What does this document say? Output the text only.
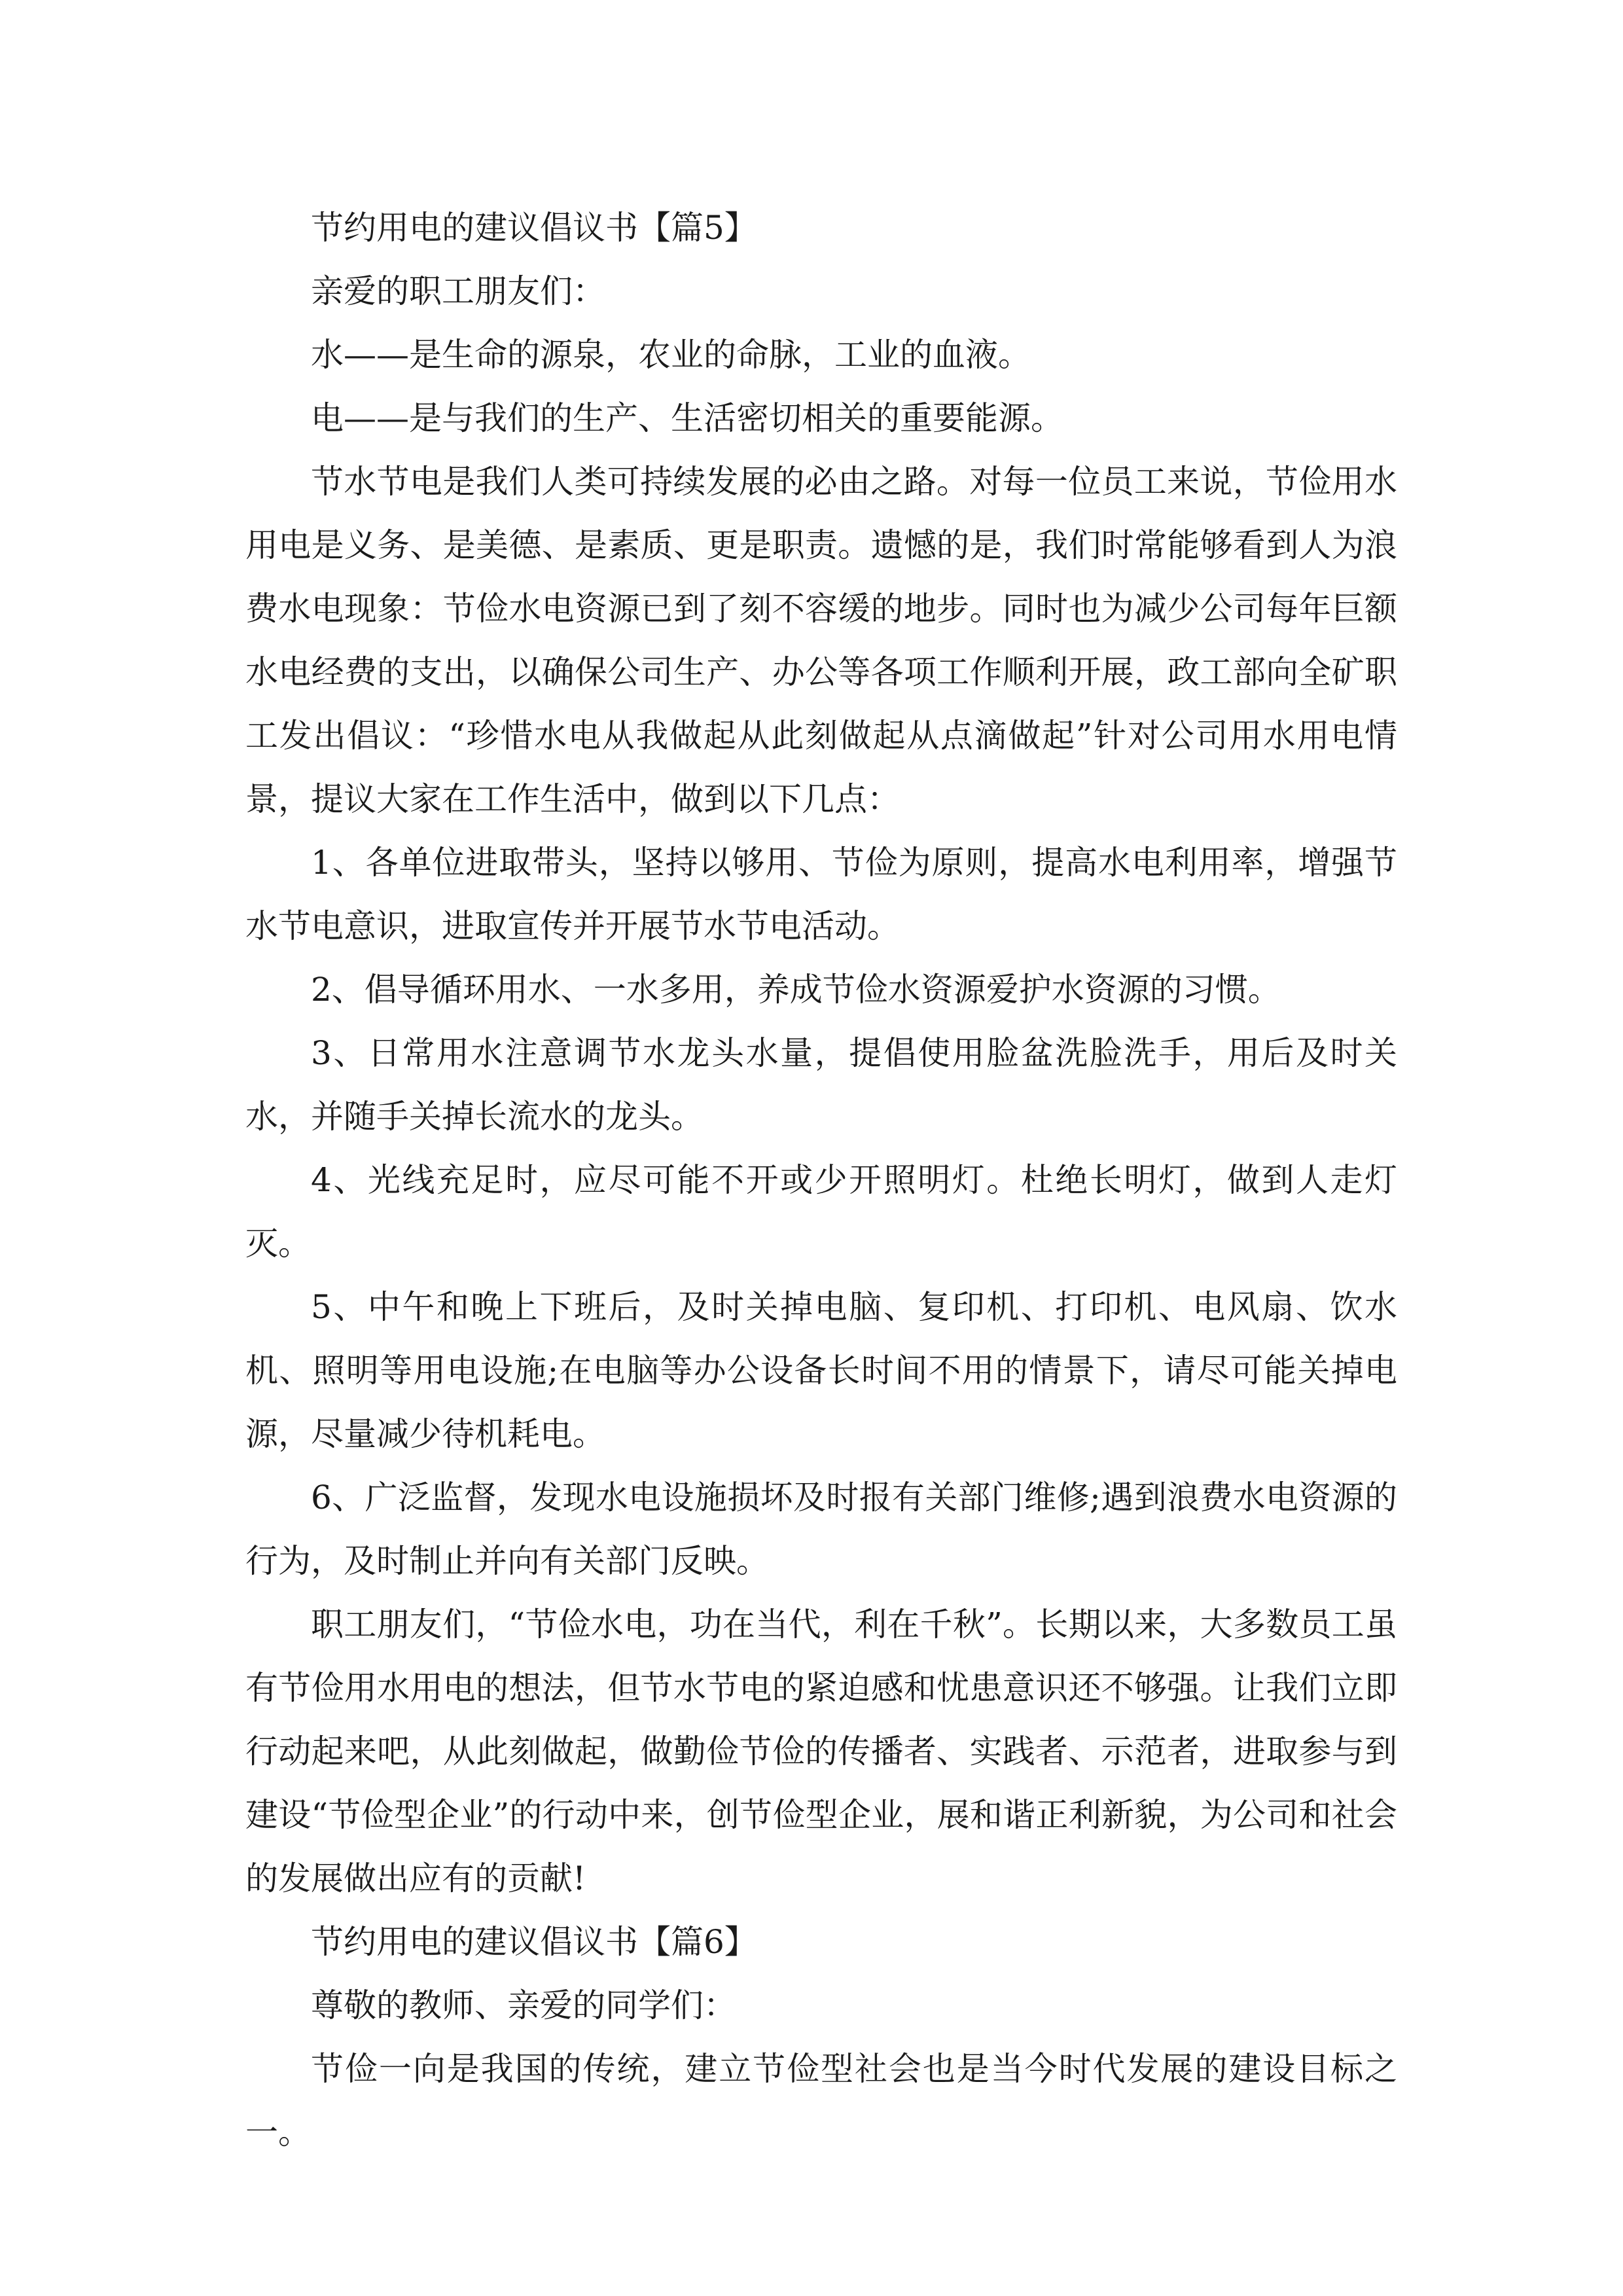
节约用电的建议倡议书【篇5】

亲爱的职工朋友们：

水——是生命的源泉，农业的命脉，工业的血液。

电——是与我们的生产、生活密切相关的重要能源。

节水节电是我们人类可持续发展的必由之路。对每一位员工来说，节俭用水用电是义务、是美德、是素质、更是职责。遗憾的是，我们时常能够看到人为浪费水电现象：节俭水电资源已到了刻不容缓的地步。同时也为减少公司每年巨额水电经费的支出，以确保公司生产、办公等各项工作顺利开展，政工部向全矿职工发出倡议：“珍惜水电从我做起从此刻做起从点滴做起”针对公司用水用电情景，提议大家在工作生活中，做到以下几点：

1、各单位进取带头，坚持以够用、节俭为原则，提高水电利用率，增强节水节电意识，进取宣传并开展节水节电活动。

2、倡导循环用水、一水多用，养成节俭水资源爱护水资源的习惯。

3、日常用水注意调节水龙头水量，提倡使用脸盆洗脸洗手，用后及时关水，并随手关掉长流水的龙头。

4、光线充足时，应尽可能不开或少开照明灯。杜绝长明灯，做到人走灯灭。

5、中午和晚上下班后，及时关掉电脑、复印机、打印机、电风扇、饮水机、照明等用电设施;在电脑等办公设备长时间不用的情景下，请尽可能关掉电源，尽量减少待机耗电。

6、广泛监督，发现水电设施损坏及时报有关部门维修;遇到浪费水电资源的行为，及时制止并向有关部门反映。

职工朋友们，“节俭水电，功在当代，利在千秋”。长期以来，大多数员工虽有节俭用水用电的想法，但节水节电的紧迫感和忧患意识还不够强。让我们立即行动起来吧，从此刻做起，做勤俭节俭的传播者、实践者、示范者，进取参与到建设“节俭型企业”的行动中来，创节俭型企业，展和谐正利新貌，为公司和社会的发展做出应有的贡献!

节约用电的建议倡议书【篇6】

尊敬的教师、亲爱的同学们：

节俭一向是我国的传统，建立节俭型社会也是当今时代发展的建设目标之一。
